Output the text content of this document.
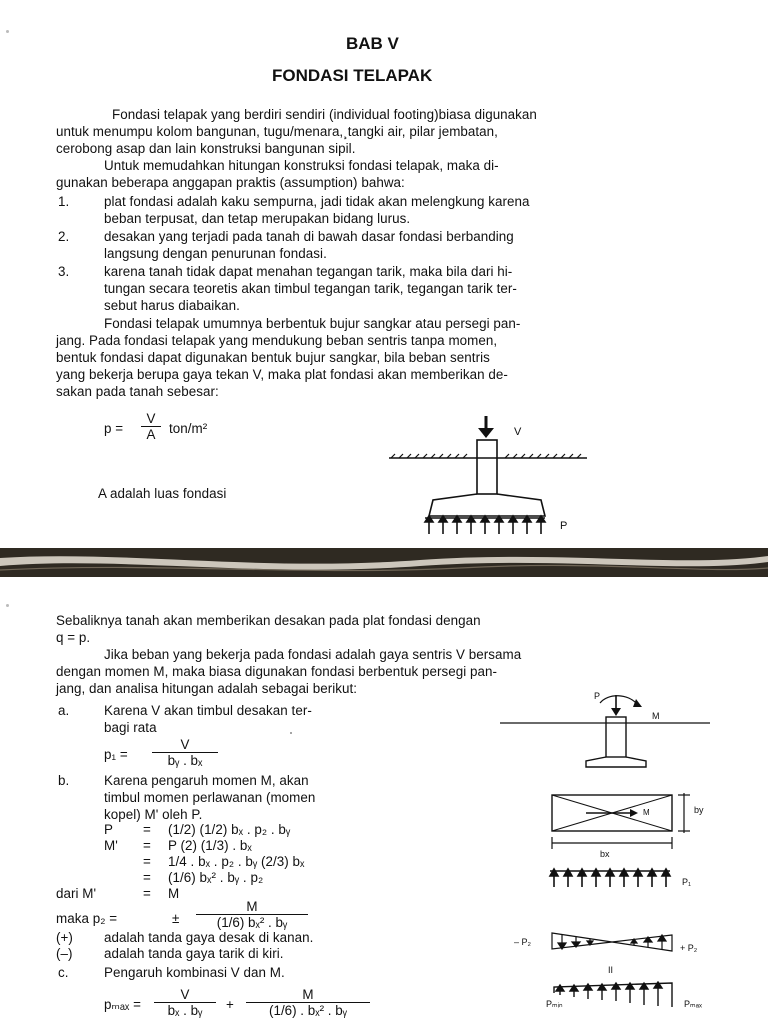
BAB V
FONDASI TELAPAK
Fondasi telapak yang berdiri sendiri (individual footing)biasa digunakan
untuk menumpu kolom bangunan, tugu/menara,¸tangki air, pilar jembatan,
cerobong asap dan lain konstruksi bangunan sipil.
Untuk memudahkan hitungan konstruksi fondasi telapak, maka di-
gunakan beberapa anggapan praktis (assumption) bahwa:
1.	plat fondasi adalah kaku sempurna, jadi tidak akan melengkung karena
beban terpusat, dan tetap merupakan bidang lurus.
2.	desakan yang terjadi pada tanah di bawah dasar fondasi berbanding
langsung dengan penurunan fondasi.
3.	karena tanah tidak dapat menahan tegangan tarik, maka bila dari hi-
tungan secara teoretis akan timbul tegangan tarik, tegangan tarik ter-
sebut harus diabaikan.
Fondasi telapak umumnya berbentuk bujur sangkar atau persegi pan-
jang. Pada fondasi telapak yang mendukung beban sentris tanpa momen,
bentuk fondasi dapat digunakan bentuk bujur sangkar, bila beban sentris
yang bekerja berupa gaya tekan V, maka plat fondasi akan memberikan de-
sakan pada tanah sebesar:
$p = \frac{V}{A} ton/m^2$
A adalah luas fondasi
V
P
Sebaliknya tanah akan memberikan desakan pada plat fondasi dengan
q = p.
Jika beban yang bekerja pada fondasi adalah gaya sentris V bersama
dengan momen M, maka biasa digunakan fondasi berbentuk persegi pan-
jang, dan analisa hitungan adalah sebagai berikut:
a.	Karena V akan timbul desakan ter-
bagi rata
$p_1 = \frac{V}{\text{bᵧ . bₓ}}$
b.	Karena pengaruh momen M, akan
timbul momen perlawanan (momen
kopel) M' oleh P.
P = (1/2) (1/2) bₓ . p₂ . bᵧ
M' = P (2) (1/3) . bₓ
= 1/4 . bₓ . p₂ . bᵧ (2/3) bₓ
= (1/6) bₓ² . bᵧ . p₂
dari M'	= M
maka p₂ =	± $\frac{M}{\text{(1/6) bₓ² . bᵧ}}$
(+) adalah tanda gaya desak di kanan.
(–) adalah tanda gaya tarik di kiri.
c.	Pengaruh kombinasi V dan M.
$p_{max} = \frac{V}{\text{bₓ . bᵧ}} + \frac{M}{\text{(1/6) . bₓ² . bᵧ}}$
P
M
M	by
bx
P₁
– P₂
+ P₂
II
Pₘᵢₙ	Pₘₐₓ
